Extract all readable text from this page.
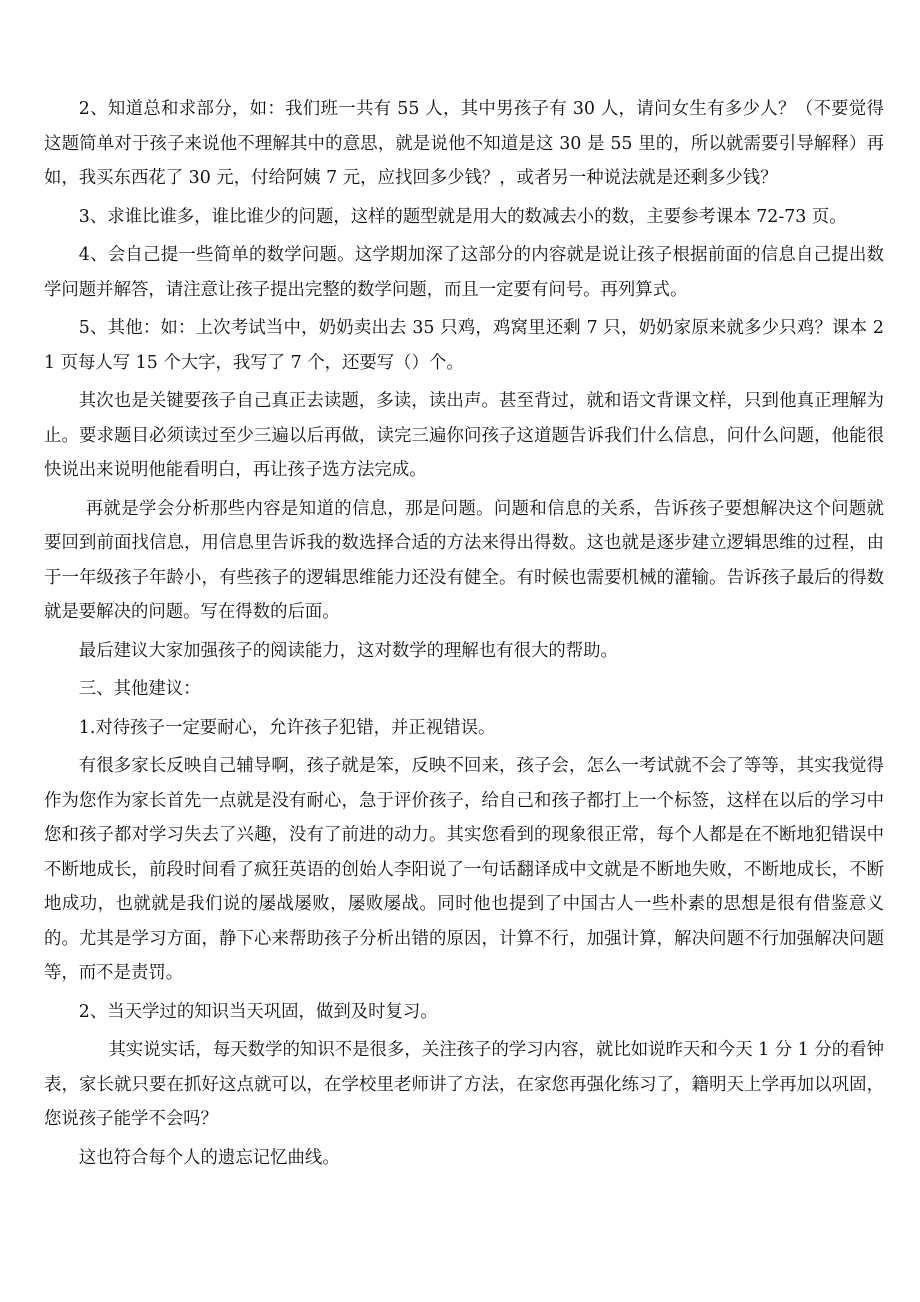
2、知道总和求部分，如：我们班一共有 55 人，其中男孩子有 30 人，请问女生有多少人？（不要觉得这题简单对于孩子来说他不理解其中的意思，就是说他不知道是这 30 是 55 里的，所以就需要引导解释）再如，我买东西花了 30 元，付给阿姨 7 元，应找回多少钱？，或者另一种说法就是还剩多少钱？

3、求谁比谁多，谁比谁少的问题，这样的题型就是用大的数减去小的数，主要参考课本 72-73 页。

4、会自己提一些简单的数学问题。这学期加深了这部分的内容就是说让孩子根据前面的信息自己提出数学问题并解答，请注意让孩子提出完整的数学问题，而且一定要有问号。再列算式。

5、其他：如：上次考试当中，奶奶卖出去 35 只鸡，鸡窝里还剩 7 只，奶奶家原来就多少只鸡？课本 21 页每人写 15 个大字，我写了 7 个，还要写（）个。

其次也是关键要孩子自己真正去读题，多读，读出声。甚至背过，就和语文背课文样，只到他真正理解为止。要求题目必须读过至少三遍以后再做，读完三遍你问孩子这道题告诉我们什么信息，问什么问题，他能很快说出来说明他能看明白，再让孩子选方法完成。

再就是学会分析那些内容是知道的信息，那是问题。问题和信息的关系，告诉孩子要想解决这个问题就要回到前面找信息，用信息里告诉我的数选择合适的方法来得出得数。这也就是逐步建立逻辑思维的过程，由于一年级孩子年龄小，有些孩子的逻辑思维能力还没有健全。有时候也需要机械的灌输。告诉孩子最后的得数就是要解决的问题。写在得数的后面。

最后建议大家加强孩子的阅读能力，这对数学的理解也有很大的帮助。

三、其他建议：

1.对待孩子一定要耐心，允许孩子犯错，并正视错误。

有很多家长反映自己辅导啊，孩子就是笨，反映不回来，孩子会，怎么一考试就不会了等等，其实我觉得作为您作为家长首先一点就是没有耐心，急于评价孩子，给自己和孩子都打上一个标签，这样在以后的学习中您和孩子都对学习失去了兴趣，没有了前进的动力。其实您看到的现象很正常，每个人都是在不断地犯错误中不断地成长，前段时间看了疯狂英语的创始人李阳说了一句话翻译成中文就是不断地失败，不断地成长，不断地成功，也就就是我们说的屡战屡败，屡败屡战。同时他也提到了中国古人一些朴素的思想是很有借鉴意义的。尤其是学习方面，静下心来帮助孩子分析出错的原因，计算不行，加强计算，解决问题不行加强解决问题等，而不是责罚。

2、当天学过的知识当天巩固，做到及时复习。

其实说实话，每天数学的知识不是很多，关注孩子的学习内容，就比如说昨天和今天 1 分 1 分的看钟表，家长就只要在抓好这点就可以，在学校里老师讲了方法，在家您再强化练习了，籍明天上学再加以巩固，您说孩子能学不会吗？

这也符合每个人的遗忘记忆曲线。
